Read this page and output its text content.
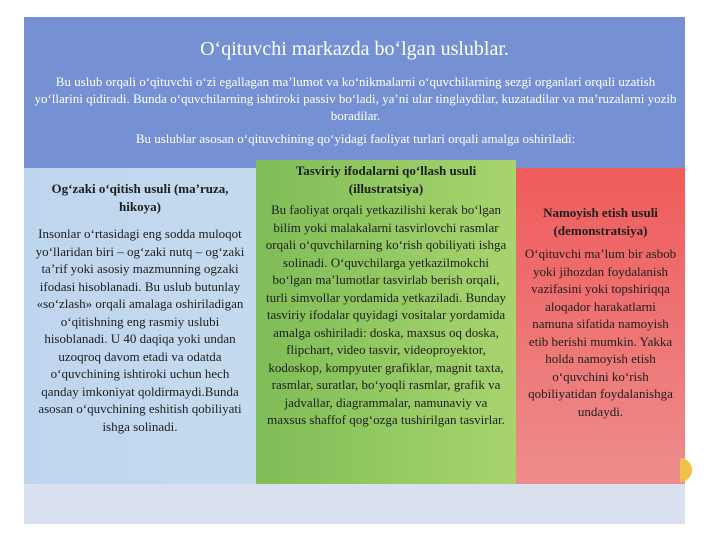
O‘qituvchi markazda bo‘lgan uslublar.

Bu uslub orqali o‘qituvchi o‘zi egallagan ma’lumot va ko‘nikmalarni o‘quvchilarning sezgi organlari orqali uzatish yo‘llarini qidiradi. Bunda o‘quvchilarning ishtiroki passiv bo‘ladi, ya’ni ular tinglaydilar, kuzatadilar va ma’ruzalarni yozib boradilar.

Bu uslublar asosan o‘qituvchining qo‘yidagi faoliyat turlari orqali amalga oshiriladi:

Og‘zaki o‘qitish usuli (ma’ruza, hikoya)
Insonlar o‘rtasidagi eng sodda muloqot yo‘llaridan biri – og‘zaki nutq – og‘zaki ta’rif yoki asosiy mazmunning ogzaki ifodasi hisoblanadi. Bu uslub butunlay «so‘zlash» orqali amalaga oshiriladigan o‘qitishning eng rasmiy uslubi hisoblanadi. U 40 daqiqa yoki undan uzoqroq davom etadi va odatda o‘quvchining ishtiroki uchun hech qanday imkoniyat qoldirmaydi.Bunda asosan o‘quvchining eshitish qobiliyati ishga solinadi.
Tasviriy ifodalarni qo‘llash usuli (illustratsiya)
Bu faoliyat orqali yetkazilishi kerak bo‘lgan bilim yoki malakalarni tasvirlovchi rasmlar orqali o‘quvchilarning ko‘rish qobiliyati ishga solinadi. O‘quvchilarga yetkazilmokchi bo‘lgan ma’lumotlar tasvirlab berish orqali, turli simvollar yordamida yetkaziladi. Bunday tasviriy ifodalar quyidagi vositalar yordamida amalga oshiriladi: doska, maxsus oq doska, flipchart, video tasvir, videoproyektor, kodoskop, kompyuter grafiklar, magnit taxta, rasmlar, suratlar, bo‘yoqli rasmlar, grafik va jadvallar, diagrammalar, namunaviy va maxsus shaffof qog‘ozga tushirilgan tasvirlar.
Namoyish etish usuli (demonstratsiya)
O‘qituvchi ma’lum bir asbob yoki jihozdan foydalanish vazifasini yoki topshiriqqa aloqador harakatlarni namuna sifatida namoyish etib berishi mumkin. Yakka holda namoyish etish o‘quvchini ko‘rish qobiliyatidan foydalanishga undaydi.
